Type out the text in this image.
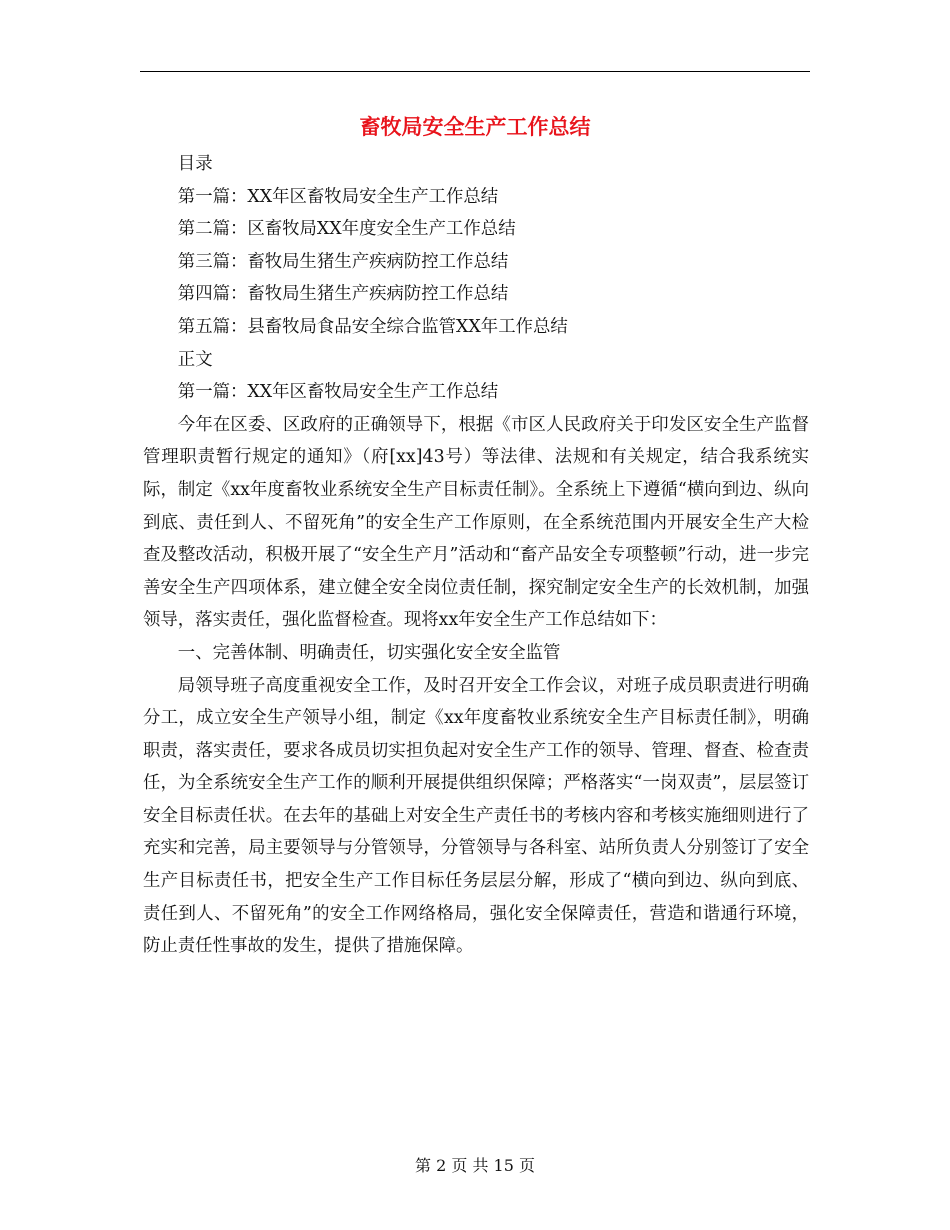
畜牧局安全生产工作总结

目录

第一篇：XX年区畜牧局安全生产工作总结

第二篇：区畜牧局XX年度安全生产工作总结

第三篇：畜牧局生猪生产疾病防控工作总结

第四篇：畜牧局生猪生产疾病防控工作总结

第五篇：县畜牧局食品安全综合监管XX年工作总结

正文

第一篇：XX年区畜牧局安全生产工作总结

今年在区委、区政府的正确领导下，根据《市区人民政府关于印发区安全生产监督管理职责暂行规定的通知》（府[xx]43号）等法律、法规和有关规定，结合我系统实际，制定《xx年度畜牧业系统安全生产目标责任制》。全系统上下遵循“横向到边、纵向到底、责任到人、不留死角”的安全生产工作原则，在全系统范围内开展安全生产大检查及整改活动，积极开展了“安全生产月”活动和“畜产品安全专项整顿”行动，进一步完善安全生产四项体系，建立健全安全岗位责任制，探究制定安全生产的长效机制，加强领导，落实责任，强化监督检查。现将xx年安全生产工作总结如下：

一、完善体制、明确责任，切实强化安全安全监管

局领导班子高度重视安全工作，及时召开安全工作会议，对班子成员职责进行明确分工，成立安全生产领导小组，制定《xx年度畜牧业系统安全生产目标责任制》，明确职责，落实责任，要求各成员切实担负起对安全生产工作的领导、管理、督查、检查责任，为全系统安全生产工作的顺利开展提供组织保障；严格落实“一岗双责”，层层签订安全目标责任状。在去年的基础上对安全生产责任书的考核内容和考核实施细则进行了充实和完善，局主要领导与分管领导，分管领导与各科室、站所负责人分别签订了安全生产目标责任书，把安全生产工作目标任务层层分解，形成了“横向到边、纵向到底、责任到人、不留死角”的安全工作网络格局，强化安全保障责任，营造和谐通行环境，防止责任性事故的发生，提供了措施保障。

第 2 页 共 15 页
